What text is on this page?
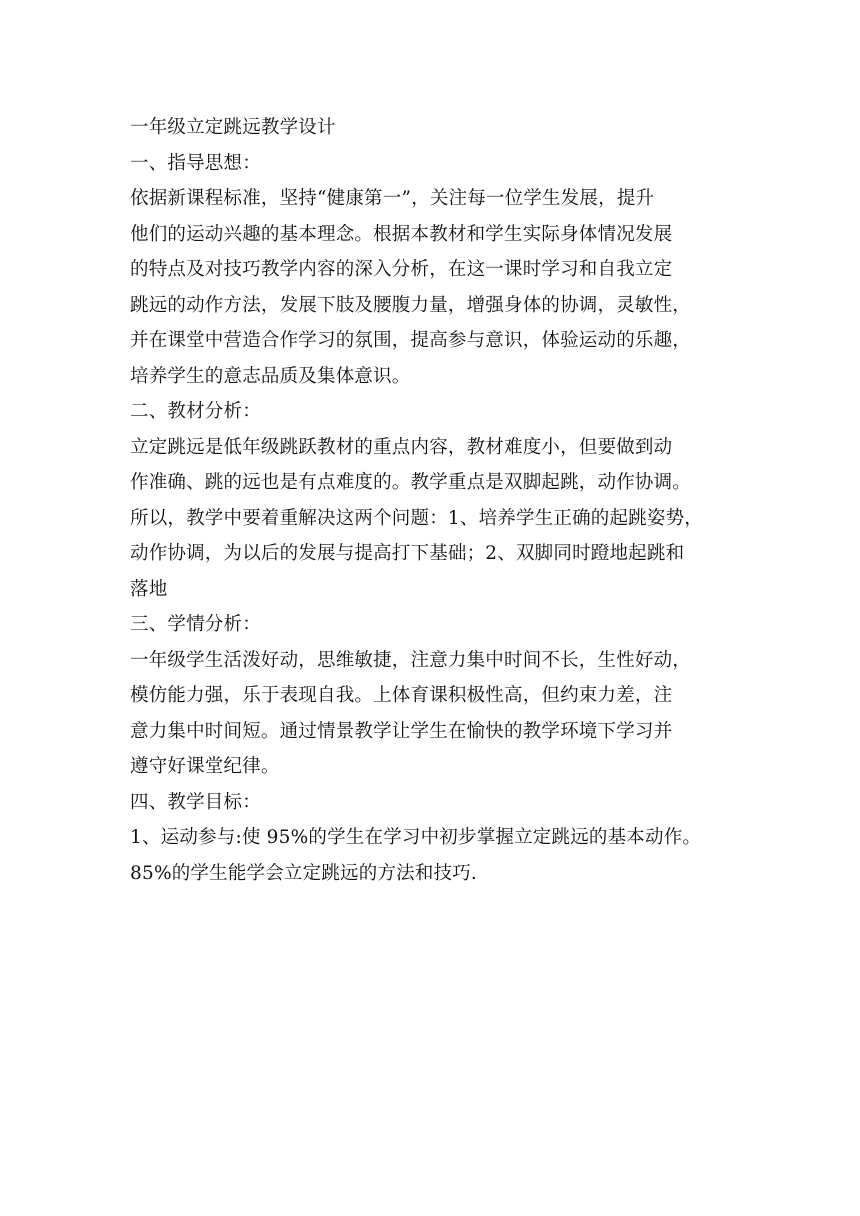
一年级立定跳远教学设计
一、指导思想：
依据新课程标准，坚持“健康第一”，关注每一位学生发展，提升
他们的运动兴趣的基本理念。根据本教材和学生实际身体情况发展
的特点及对技巧教学内容的深入分析，在这一课时学习和自我立定
跳远的动作方法，发展下肢及腰腹力量，增强身体的协调，灵敏性，
并在课堂中营造合作学习的氛围，提高参与意识，体验运动的乐趣，
培养学生的意志品质及集体意识。
二、教材分析：
立定跳远是低年级跳跃教材的重点内容，教材难度小，但要做到动
作准确、跳的远也是有点难度的。教学重点是双脚起跳，动作协调。
所以，教学中要着重解决这两个问题：1、培养学生正确的起跳姿势，
动作协调，为以后的发展与提高打下基础；2、双脚同时蹬地起跳和
落地
三、学情分析：
一年级学生活泼好动，思维敏捷，注意力集中时间不长，生性好动，
模仿能力强，乐于表现自我。上体育课积极性高，但约束力差，注
意力集中时间短。通过情景教学让学生在愉快的教学环境下学习并
遵守好课堂纪律。
四、教学目标：
1、运动参与:使 95%的学生在学习中初步掌握立定跳远的基本动作。
85%的学生能学会立定跳远的方法和技巧.
